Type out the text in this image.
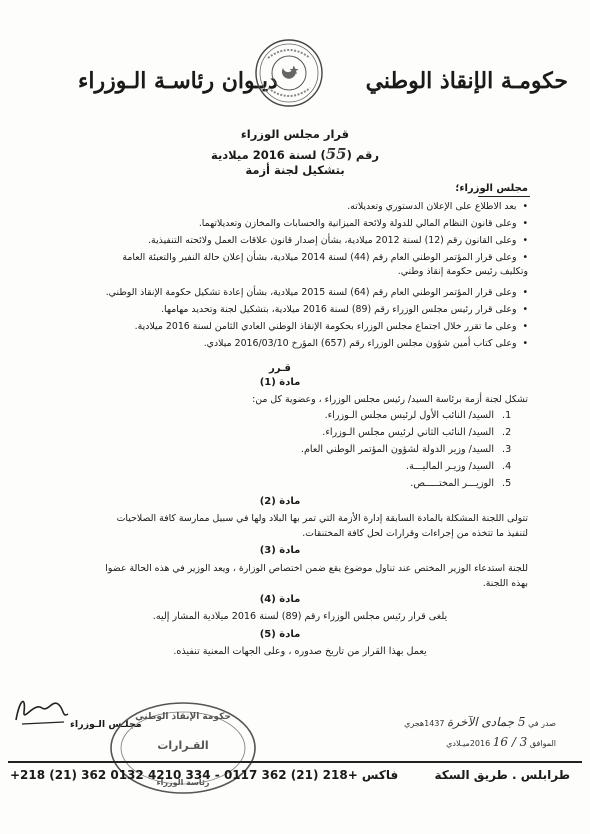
حكومـة الإنقاذ الوطني
ديـوان رئاسـة الـوزراء
قرار مجلس الوزراء
رقم (55) لسنة 2016 ميلادية
بتشكيل لجنة أزمة
مجلس الوزراء؛
•بعد الاطلاع على الإعلان الدستوري وتعديلاته.
•وعلى قانون النظام المالي للدولة ولائحة الميزانية والحسابات والمخازن وتعديلاتهما.
•وعلى القانون رقم (12) لسنة 2012 ميلادية، بشأن إصدار قانون علاقات العمل ولائحته التنفيذية.
•وعلى قرار المؤتمر الوطني العام رقم (44) لسنة 2014 ميلادية، بشأن إعلان حالة النفير والتعبئة العامة
وتكليف رئيس حكومة إنقاذ وطني.
•وعلى قرار المؤتمر الوطني العام رقم (64) لسنة 2015 ميلادية، بشأن إعادة تشكيل حكومة الإنقاذ الوطني.
•وعلى قرار رئيس مجلس الوزراء رقم (89) لسنة 2016 ميلادية، بتشكيل لجنة وتحديد مهامها.
•وعلى ما تقرر خلال اجتماع مجلس الوزراء بحكومة الإنقاذ الوطني العادي الثامن لسنة 2016 ميلادية.
•وعلى كتاب أمين شؤون مجلس الوزراء رقم (657) المؤرخ 2016/03/10 ميلادي.
قـرر
مادة (1)
تشكل لجنة أزمة برئاسة السيد/ رئيس مجلس الوزراء ، وعضوية كل من:
1.السيد/ النائب الأول لرئيس مجلس الـوزراء.
2.السيد/ النائب الثاني لرئيس مجلس الـوزراء.
3.السيد/ وزير الدولة لشؤون المؤتمر الوطني العام.
4.السيد/ وزيـر الماليـــة.
5.الوزيـــر المختـــــص.
مادة (2)
تتولى اللجنة المشكلة بالمادة السابقة إدارة الأزمة التي تمر بها البلاد ولها في سبيل ممارسة كافة الصلاحيات
لتنفيذ ما تتخذه من إجراءات وقرارات لحل كافة المختنقات.
مادة (3)
للجنة استدعاء الوزير المختص عند تناول موضوع يقع ضمن اختصاص الوزارة ، ويعد الوزير في هذه الحالة عضوا
بهذه اللجنة.
مادة (4)
يلغى قرار رئيس مجلس الوزراء رقم (89) لسنة 2016 ميلادية المشار إليه.
مادة (5)
يعمل بهذا القرار من تاريخ صدوره ، وعلى الجهات المعنية تنفيذه.
مجلـس الـوزراء
حكومة الإنقاذ الوطني
القـرارات
رئاسة الوزراء
صدر في 5 جمادى الآخرة 1437هجري
الموافق 3 / 16 2016ميـلادي
+218 (21) 362 0132 فاكس +218 (21) 362 0117 - 334 4210	طرابلس . طريق السكة
